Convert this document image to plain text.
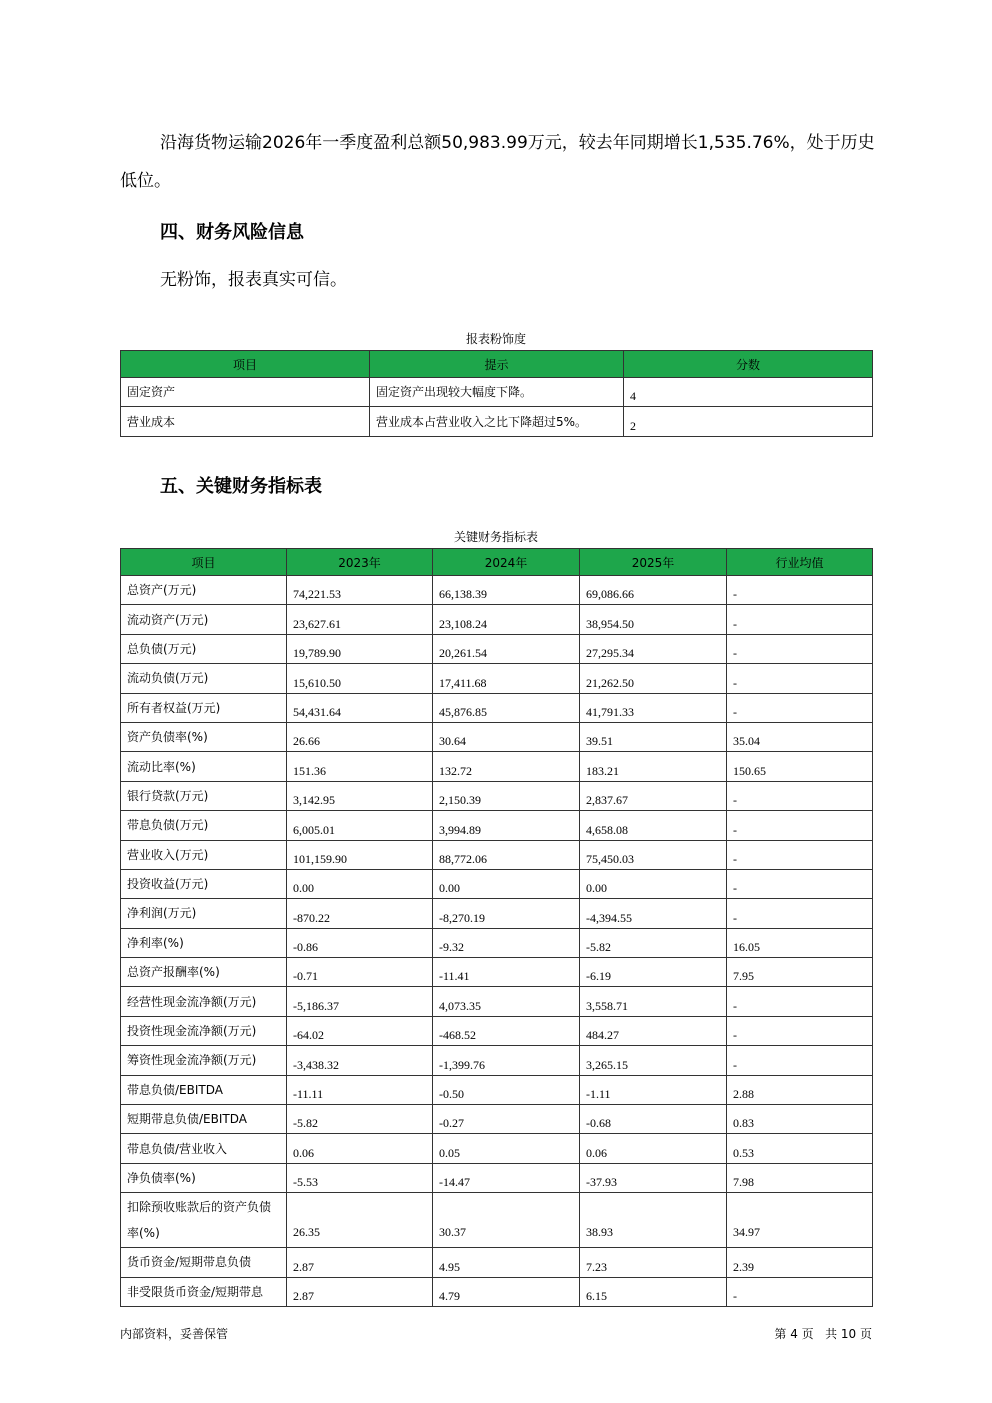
沿海货物运输2026年一季度盈利总额50,983.99万元，较去年同期增长1,535.76%，处于历史低位。

四、财务风险信息

无粉饰，报表真实可信。

报表粉饰度
项目	提示	分数
固定资产	固定资产出现较大幅度下降。	4
营业成本	营业成本占营业收入之比下降超过5%。	2
五、关键财务指标表
关键财务指标表
项目	2023年	2024年	2025年	行业均值
总资产(万元)	74,221.53	66,138.39	69,086.66	-
流动资产(万元)	23,627.61	23,108.24	38,954.50	-
总负债(万元)	19,789.90	20,261.54	27,295.34	-
流动负债(万元)	15,610.50	17,411.68	21,262.50	-
所有者权益(万元)	54,431.64	45,876.85	41,791.33	-
资产负债率(%)	26.66	30.64	39.51	35.04
流动比率(%)	151.36	132.72	183.21	150.65
银行贷款(万元)	3,142.95	2,150.39	2,837.67	-
带息负债(万元)	6,005.01	3,994.89	4,658.08	-
营业收入(万元)	101,159.90	88,772.06	75,450.03	-
投资收益(万元)	0.00	0.00	0.00	-
净利润(万元)	-870.22	-8,270.19	-4,394.55	-
净利率(%)	-0.86	-9.32	-5.82	16.05
总资产报酬率(%)	-0.71	-11.41	-6.19	7.95
经营性现金流净额(万元)	-5,186.37	4,073.35	3,558.71	-
投资性现金流净额(万元)	-64.02	-468.52	484.27	-
筹资性现金流净额(万元)	-3,438.32	-1,399.76	3,265.15	-
带息负债/EBITDA	-11.11	-0.50	-1.11	2.88
短期带息负债/EBITDA	-5.82	-0.27	-0.68	0.83
带息负债/营业收入	0.06	0.05	0.06	0.53
净负债率(%)	-5.53	-14.47	-37.93	7.98
扣除预收账款后的资产负债率(%)	26.35	30.37	38.93	34.97
货币资金/短期带息负债	2.87	4.95	7.23	2.39
非受限货币资金/短期带息	2.87	4.79	6.15	-
内部资料，妥善保管	第 4 页   共 10 页
